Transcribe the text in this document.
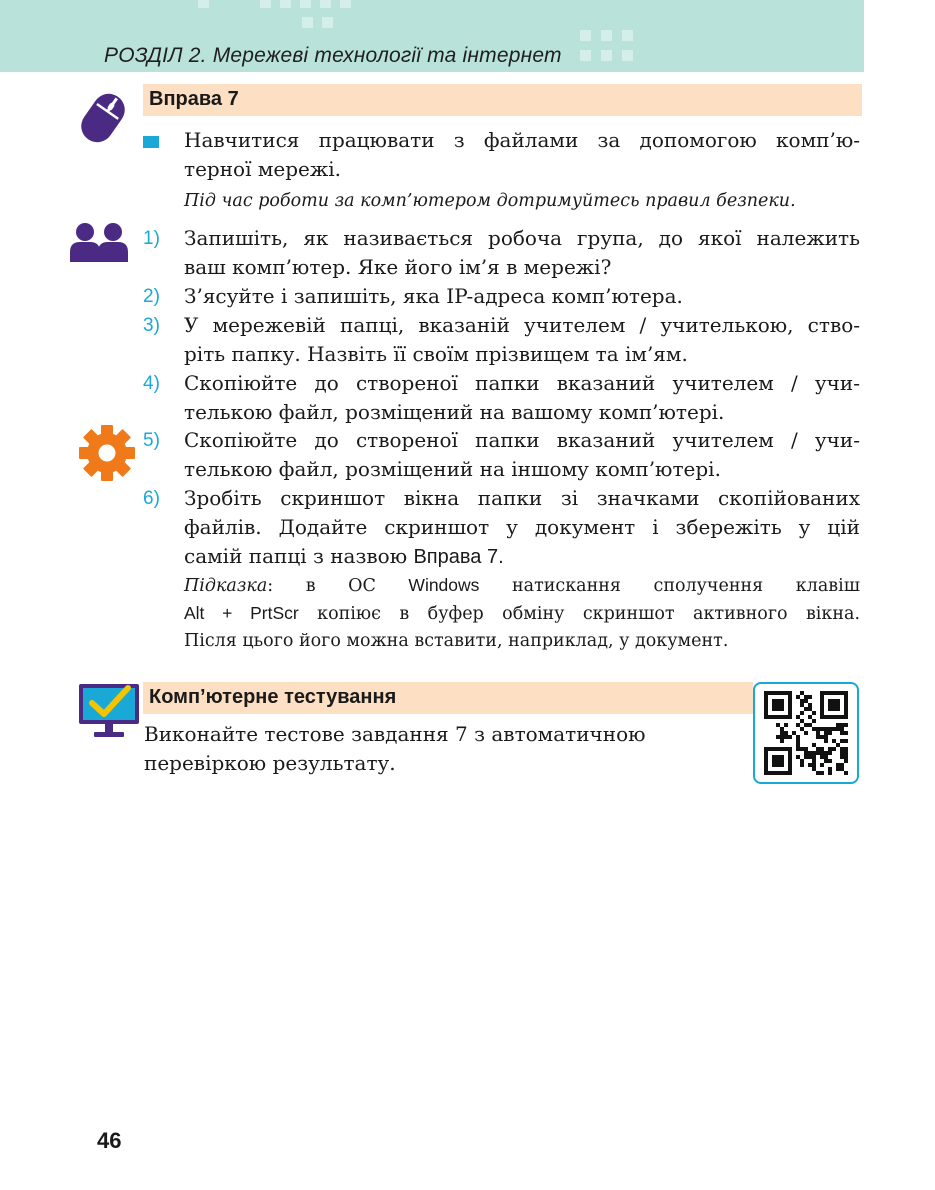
РОЗДІЛ 2. Мережеві технології та інтернет
Вправа 7
Навчитися працювати з файлами за допомогою комп’ю-
терної мережі.
Під час роботи за комп’ютером дотримуйтесь правил безпеки.
1)	Запишіть, як називається робоча група, до якої належить
ваш комп’ютер. Яке його ім’я в мережі?
2)	З’ясуйте і запишіть, яка IP-адреса комп’ютера.
3)	У мережевій папці, вказаній учителем / учителькою, ство-
ріть папку. Назвіть її своїм прізвищем та ім’ям.
4)	Скопіюйте до створеної папки вказаний учителем / учи-
телькою файл, розміщений на вашому комп’ютері.
5)	Скопіюйте до створеної папки вказаний учителем / учи-
телькою файл, розміщений на іншому комп’ютері.
6)	Зробіть скриншот вікна папки зі значками скопійованих
файлів. Додайте скриншот у документ і збережіть у цій
самій папці з назвою Вправа 7.
Підказка: в ОС Windows натискання сполучення клавіш
Alt + PrtScr копіює в буфер обміну скриншот активного вікна.
Після цього його можна вставити, наприклад, у документ.
Комп’ютерне тестування
Виконайте тестове завдання 7 з автоматичною
перевіркою результату.
46
